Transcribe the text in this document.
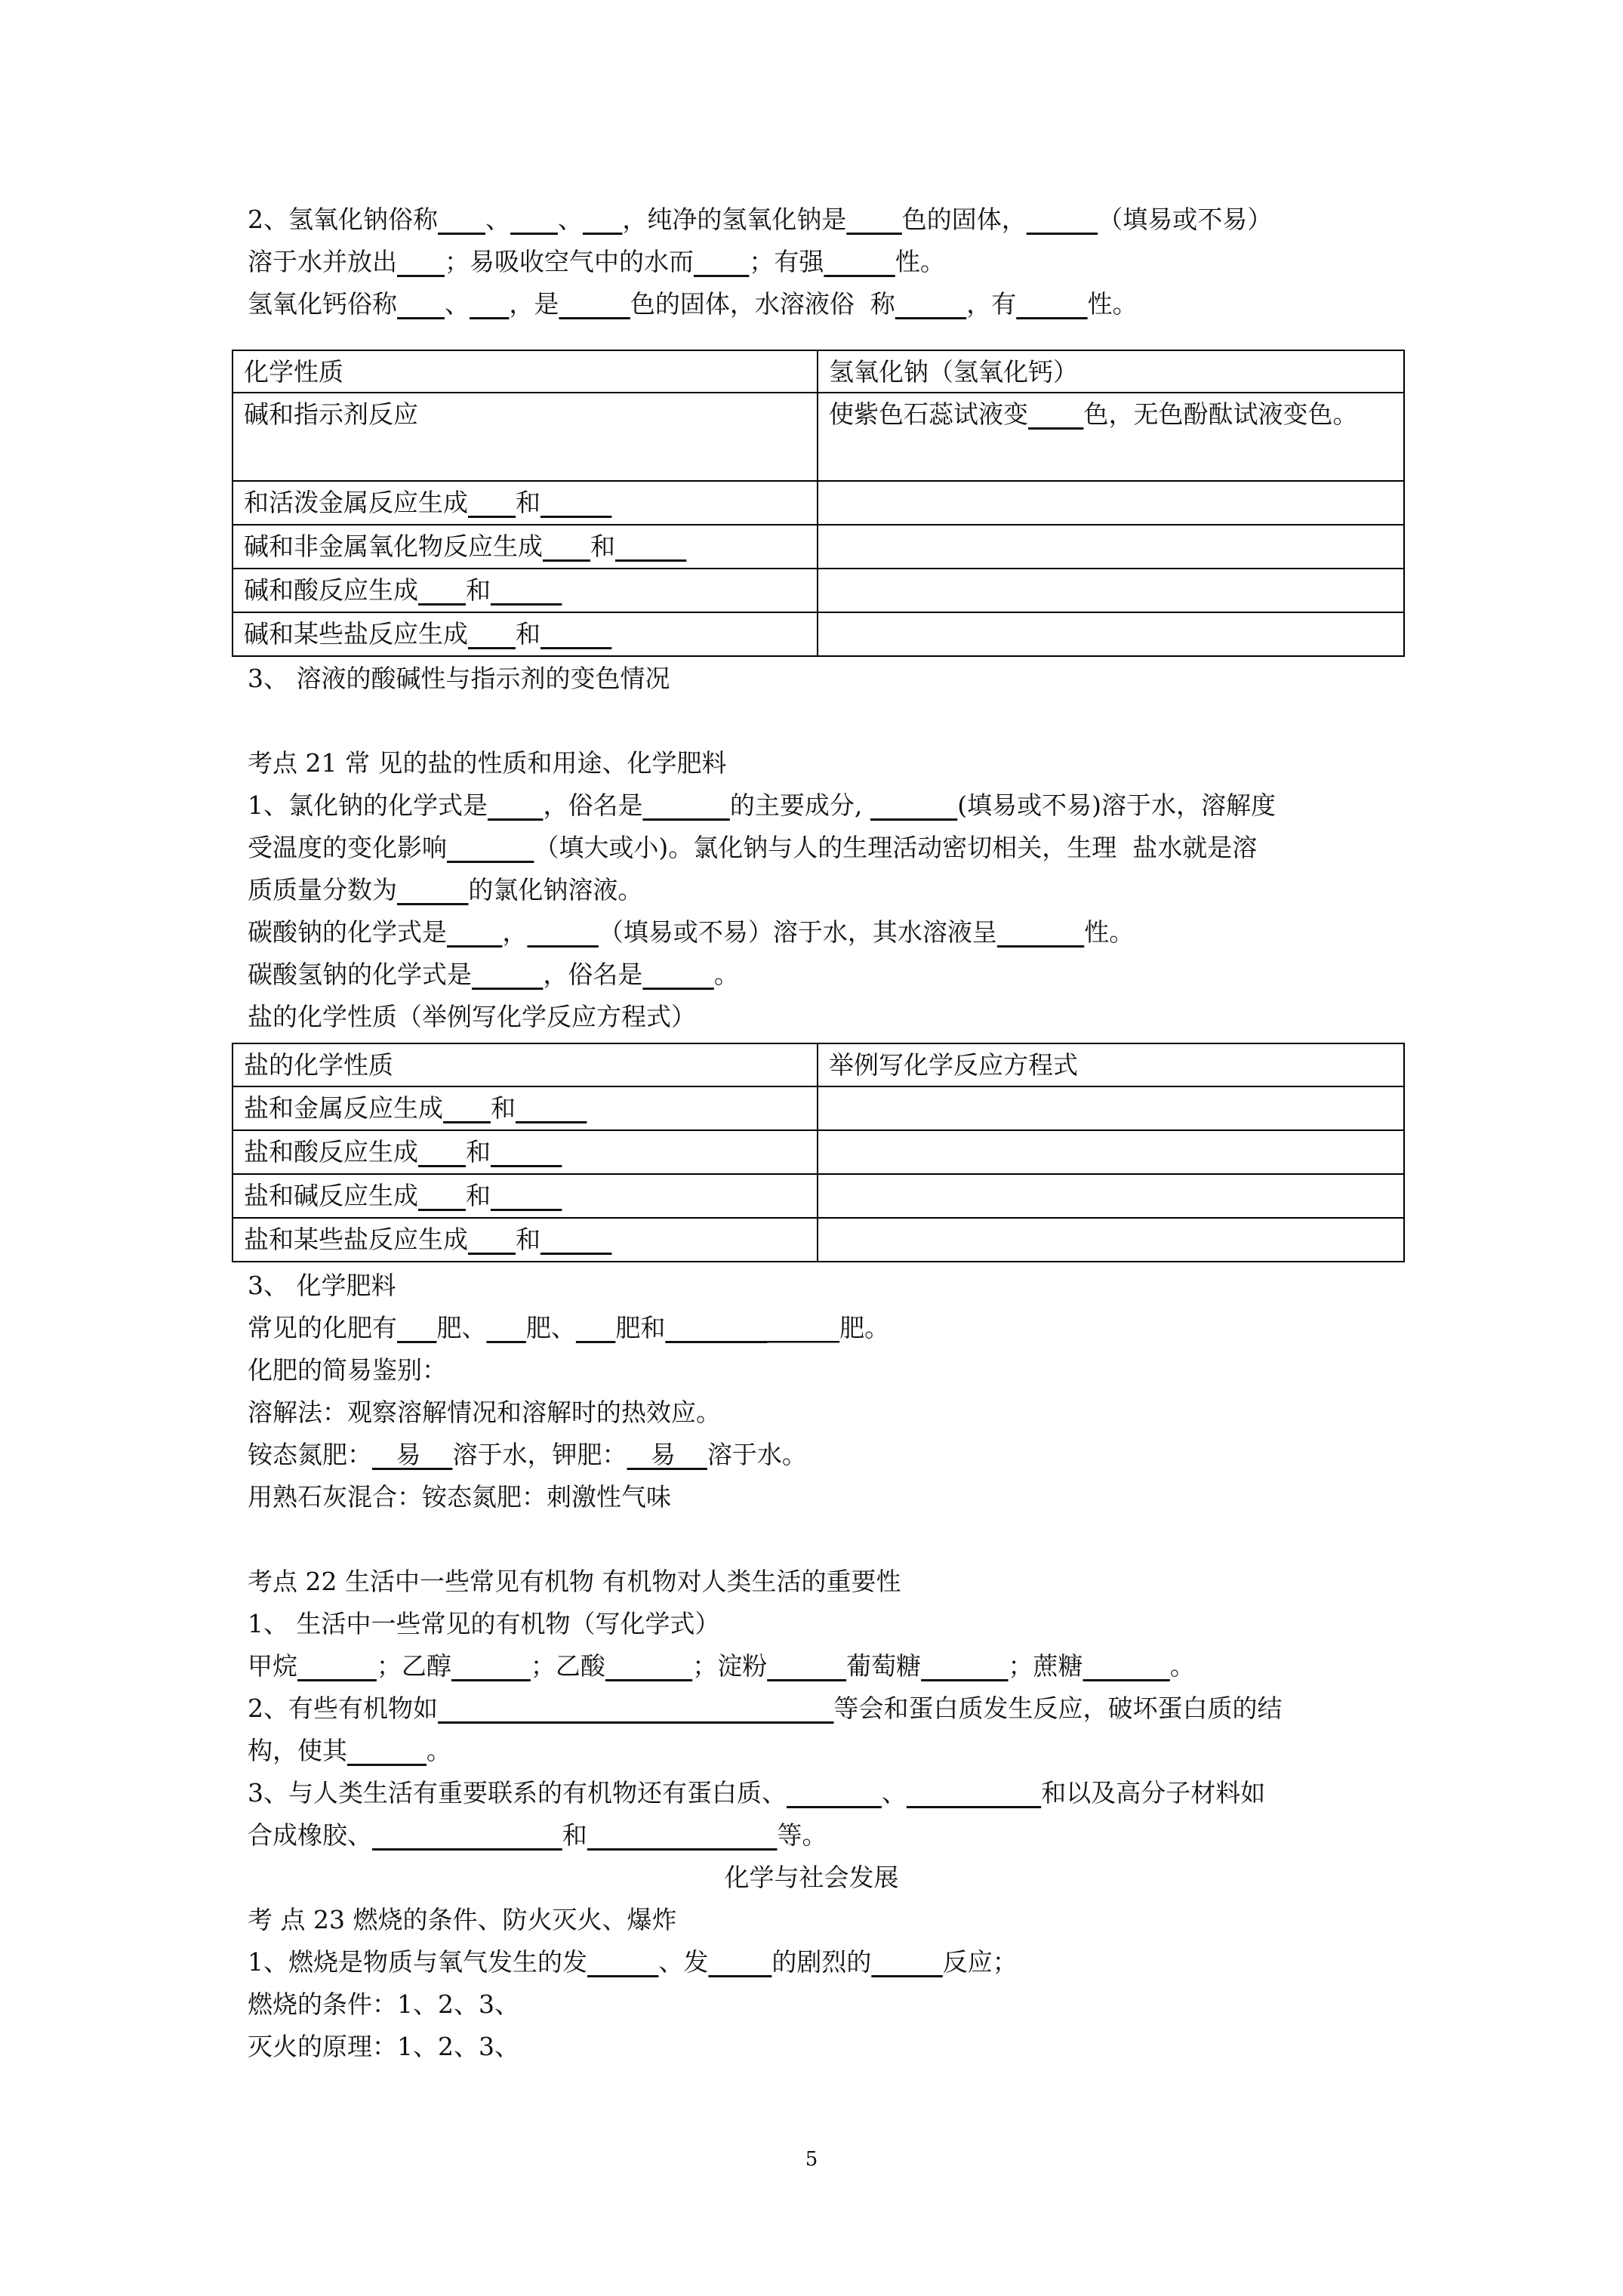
2、氢氧化钠俗称 、 、 ，纯净的氢氧化钠是 色的固体，	（填易或不易）
溶于水并放出 ；易吸收空气中的水而 ；有强	性。
氢氧化钙俗称 、 ，是	色的固体，水溶液俗  称	，有	性。
化学性质	氢氧化钠（氢氧化钙）
碱和指示剂反应	使紫色石蕊试液变 色，无色酚酞试液变色。
和活泼金属反应生成 和	
碱和非金属氧化物反应生成 和	
碱和酸反应生成 和	
碱和某些盐反应生成 和	
3、 溶液的酸碱性与指示剂的变色情况
考点 21 常 见的盐的性质和用途、化学肥料
1、氯化钠的化学式是 ，俗名是	的主要成分,	(填易或不易)溶于水，溶解度
受温度的变化影响	（填大或小)。氯化钠与人的生理活动密切相关，生理  盐水就是溶
质质量分数为	的氯化钠溶液。
碳酸钠的化学式是 ，	（填易或不易）溶于水，其水溶液呈	性。
碳酸氢钠的化学式是	，俗名是	。
盐的化学性质（举例写化学反应方程式）
盐的化学性质	举例写化学反应方程式
盐和金属反应生成 和	
盐和酸反应生成 和	
盐和碱反应生成 和	
盐和某些盐反应生成 和	
3、 化学肥料
常见的化肥有 肥、 肥、 肥和	肥。
化肥的简易鉴别：
溶解法：观察溶解情况和溶解时的热效应。
铵态氮肥：   易    溶于水，钾肥：   易    溶于水。
用熟石灰混合：铵态氮肥：刺激性气味
考点 22 生活中一些常见有机物 有机物对人类生活的重要性
1、 生活中一些常见的有机物（写化学式）
甲烷	；乙醇	；乙酸	；淀粉	葡萄糖	；蔗糖	。
2、有些有机物如	等会和蛋白质发生反应，破坏蛋白质的结
构，使其	。
3、与人类生活有重要联系的有机物还有蛋白质、	、	和以及高分子材料如
合成橡胶、	和	等。
化学与社会发展
考 点 23 燃烧的条件、防火灭火、爆炸
1、燃烧是物质与氧气发生的发	、发	的剧烈的	反应；
燃烧的条件：1、2、3、
灭火的原理：1、2、3、
5
